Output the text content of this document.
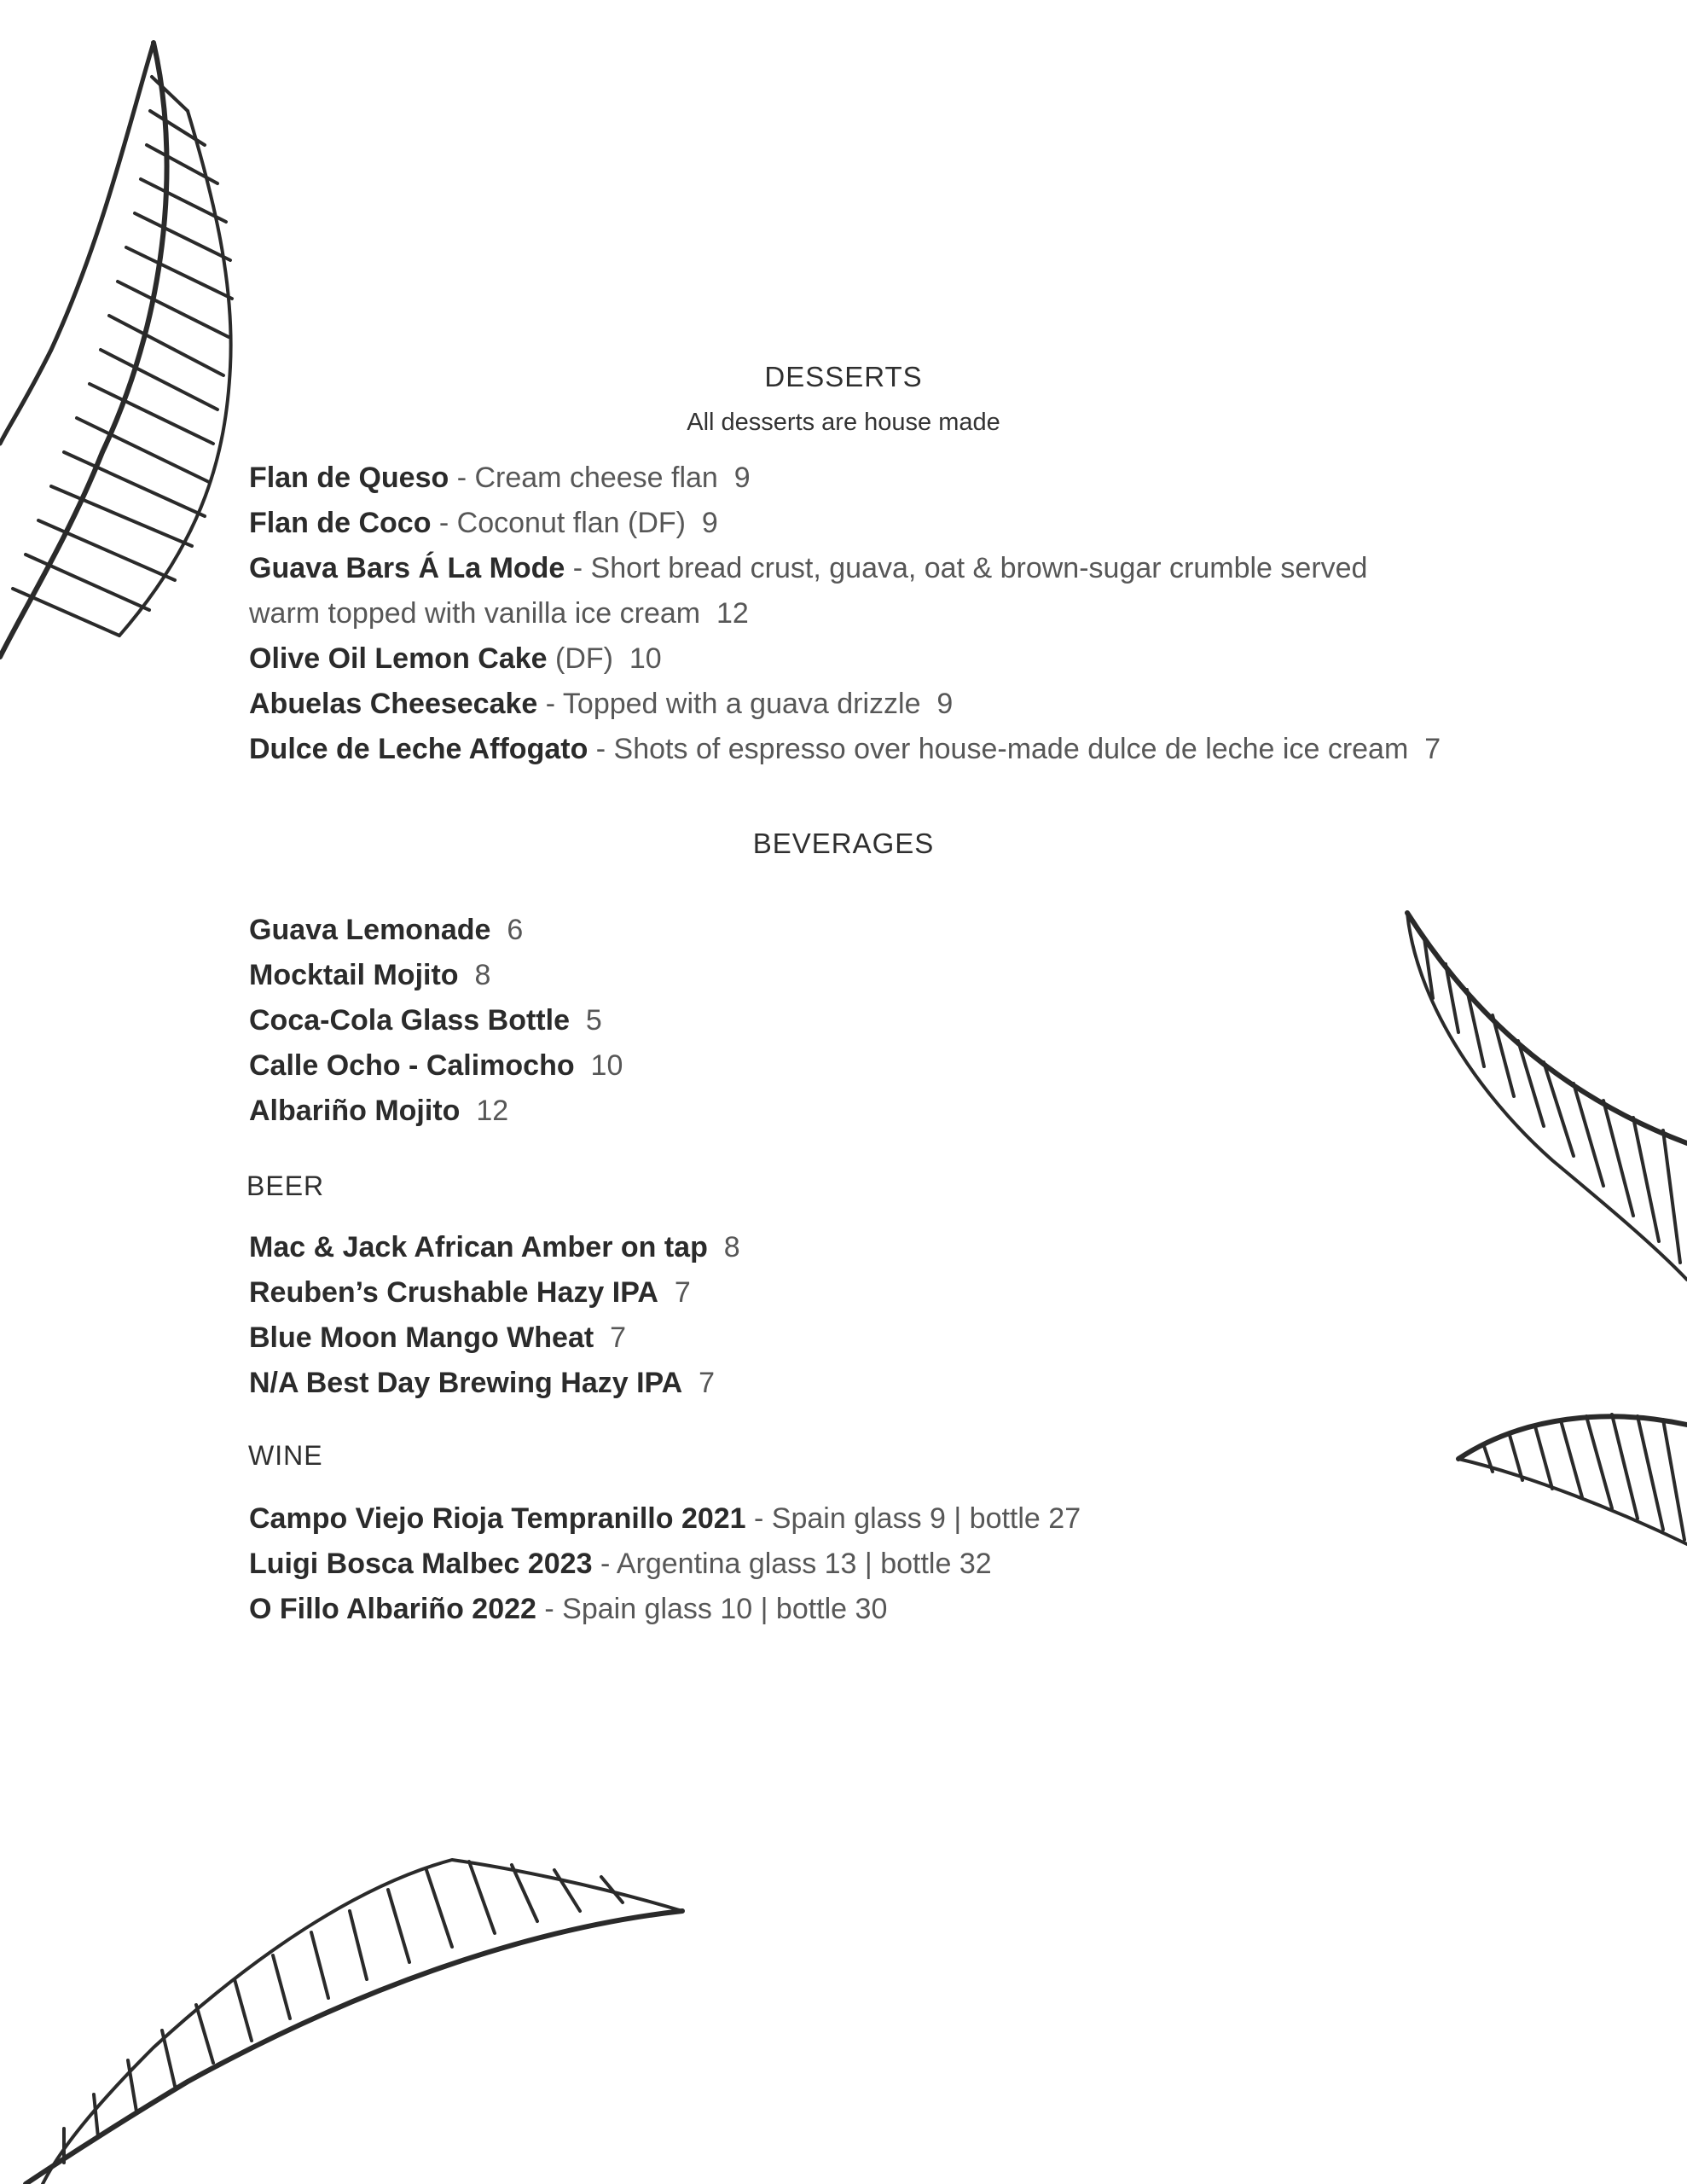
DESSERTS
All desserts are house made
Flan de Queso - Cream cheese flan 9
Flan de Coco - Coconut flan (DF) 9
Guava Bars Á La Mode - Short bread crust, guava, oat & brown-sugar crumble served
warm topped with vanilla ice cream 12
Olive Oil Lemon Cake (DF) 10
Abuelas Cheesecake - Topped with a guava drizzle 9
Dulce de Leche Affogato - Shots of espresso over house-made dulce de leche ice cream 7
BEVERAGES
Guava Lemonade 6
Mocktail Mojito 8
Coca-Cola Glass Bottle 5
Calle Ocho - Calimocho 10
Albariño Mojito 12
BEER
Mac & Jack African Amber on tap 8
Reuben’s Crushable Hazy IPA 7
Blue Moon Mango Wheat 7
N/A Best Day Brewing Hazy IPA 7
WINE
Campo Viejo Rioja Tempranillo 2021 - Spain glass 9 | bottle 27
Luigi Bosca Malbec 2023 - Argentina glass 13 | bottle 32
O Fillo Albariño 2022 - Spain glass 10 | bottle 30
